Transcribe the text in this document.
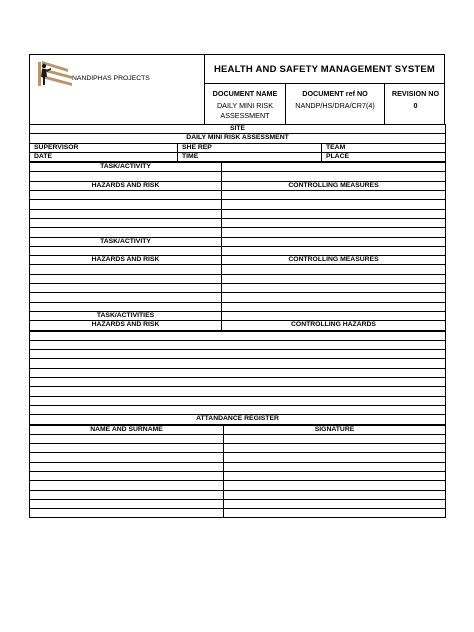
NANDIPHAS PROJECTS
HEALTH AND SAFETY MANAGEMENT SYSTEM
DOCUMENT NAME
DAILY MINI RISK ASSESSMENT
DOCUMENT ref NO
NANDP/HS/DRA/CR7(4)
REVISION NO
0
SITE		
DAILY MINI RISK ASSESSMENT		
SUPERVISOR	SHE REP	TEAM
DATE	TIME	PLACE
TASK/ACTIVITY	

HAZARDS AND RISK	CONTROLLING MEASURES

TASK/ACTIVITY	

HAZARDS AND RISK	CONTROLLING MEASURES

TASK/ACTIVITIES	
HAZARDS AND RISK	CONTROLLING HAZARDS

ATTANDANCE REGISTER
NAME AND SURNAME	SIGNATURE
